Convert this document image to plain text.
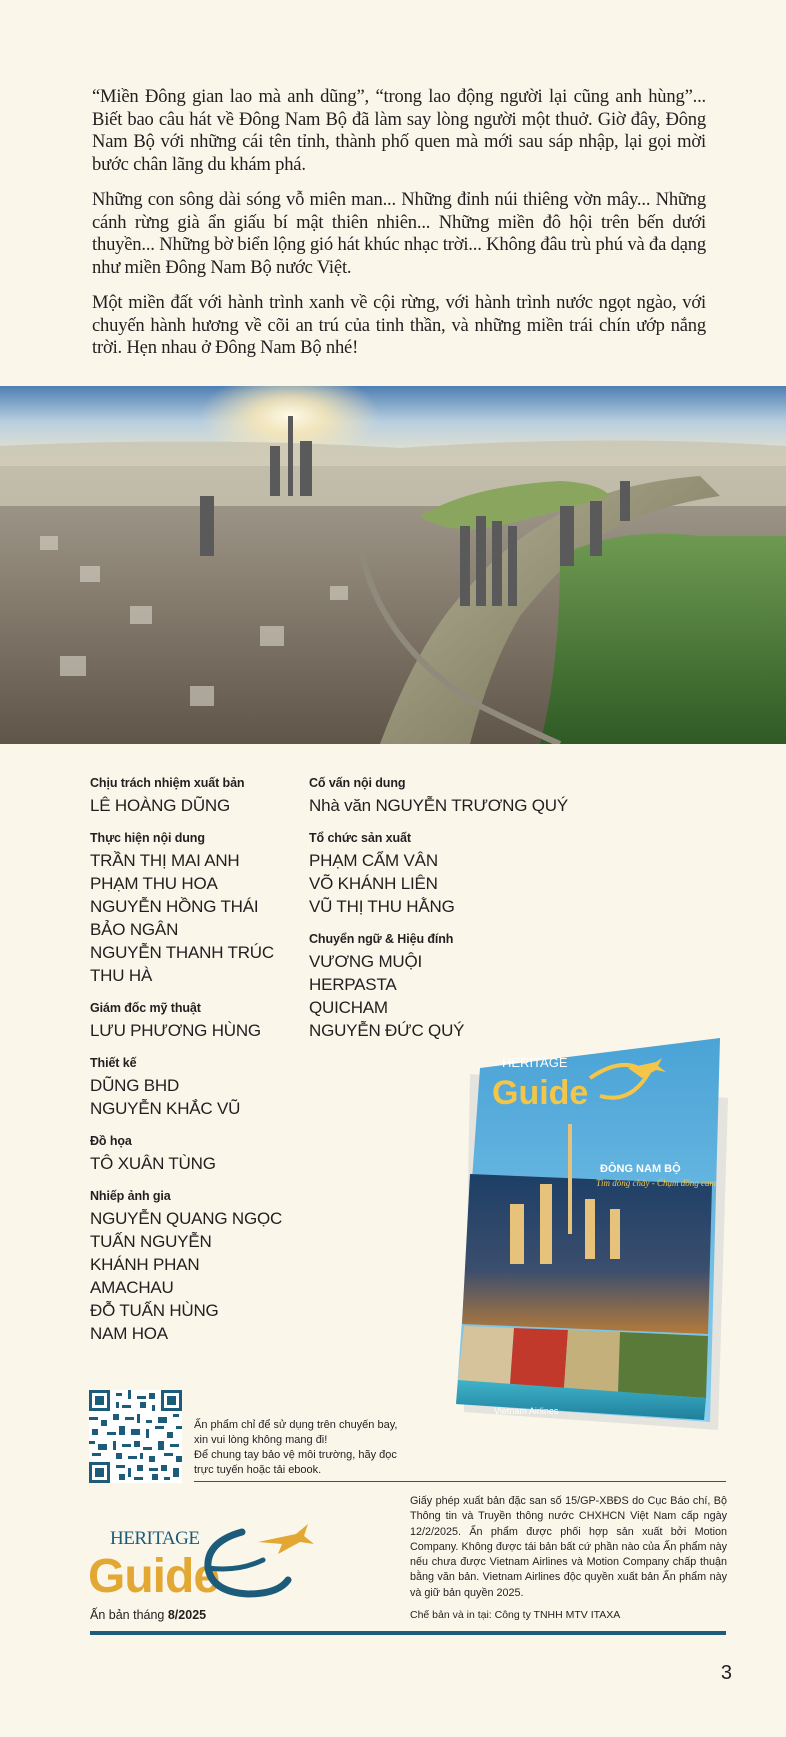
“Miền Đông gian lao mà anh dũng”, “trong lao động người lại cũng anh hùng”... Biết bao câu hát về Đông Nam Bộ đã làm say lòng người một thuở. Giờ đây, Đông Nam Bộ với những cái tên tỉnh, thành phố quen mà mới sau sáp nhập, lại gọi mời bước chân lãng du khám phá.

Những con sông dài sóng vỗ miên man... Những đỉnh núi thiêng vờn mây... Những cánh rừng già ẩn giấu bí mật thiên nhiên... Những miền đô hội trên bến dưới thuyền... Những bờ biển lộng gió hát khúc nhạc trời... Không đâu trù phú và đa dạng như miền Đông Nam Bộ nước Việt.

Một miền đất với hành trình xanh về cội rừng, với hành trình nước ngọt ngào, với chuyến hành hương về cõi an trú của tinh thần, và những miền trái chín ướp nắng trời. Hẹn nhau ở Đông Nam Bộ nhé!

Chịu trách nhiệm xuất bản
LÊ HOÀNG DŨNG
Thực hiện nội dung
TRẦN THỊ MAI ANH
PHẠM THU HOA
NGUYỄN HỒNG THÁI
BẢO NGÂN
NGUYỄN THANH TRÚC
THU HÀ
Giám đốc mỹ thuật
LƯU PHƯƠNG HÙNG
Thiết kế
DŨNG BHD
NGUYỄN KHẮC VŨ
Đồ họa
TÔ XUÂN TÙNG
Nhiếp ảnh gia
NGUYỄN QUANG NGỌC
TUẤN NGUYỄN
KHÁNH PHAN
AMACHAU
ĐỖ TUẤN HÙNG
NAM HOA
Cố vấn nội dung
Nhà văn NGUYỄN TRƯƠNG QUÝ
Tổ chức sản xuất
PHẠM CẨM VÂN
VÕ KHÁNH LIÊN
VŨ THỊ THU HẰNG
Chuyển ngữ & Hiệu đính
VƯƠNG MUỘI
HERPASTA
QUICHAM
NGUYỄN ĐỨC QUÝ
HERITAGE
Guide
ĐÔNG NAM BỘ
Tìm dòng chảy - Chạm đồng cam
Vietnam Airlines
Ấn phẩm chỉ để sử dụng trên chuyến bay,
xin vui lòng không mang đi!
Để chung tay bảo vệ môi trường, hãy đọc
trực tuyến hoặc tải ebook.
Giấy phép xuất bản đặc san số 15/GP-XBĐS do Cục Báo chí, Bộ Thông tin và Truyền thông nước CHXHCN Việt Nam cấp ngày 12/2/2025. Ấn phẩm được phối hợp sản xuất bởi Motion Company. Không được tái bản bất cứ phần nào của Ấn phẩm này nếu chưa được Vietnam Airlines và Motion Company chấp thuận bằng văn bản. Vietnam Airlines độc quyền xuất bản Ấn phẩm này và giữ bản quyền 2025.
Chế bản và in tại: Công ty TNHH MTV ITAXA
HERITAGE
Guide
Ấn bản tháng 8/2025
3
